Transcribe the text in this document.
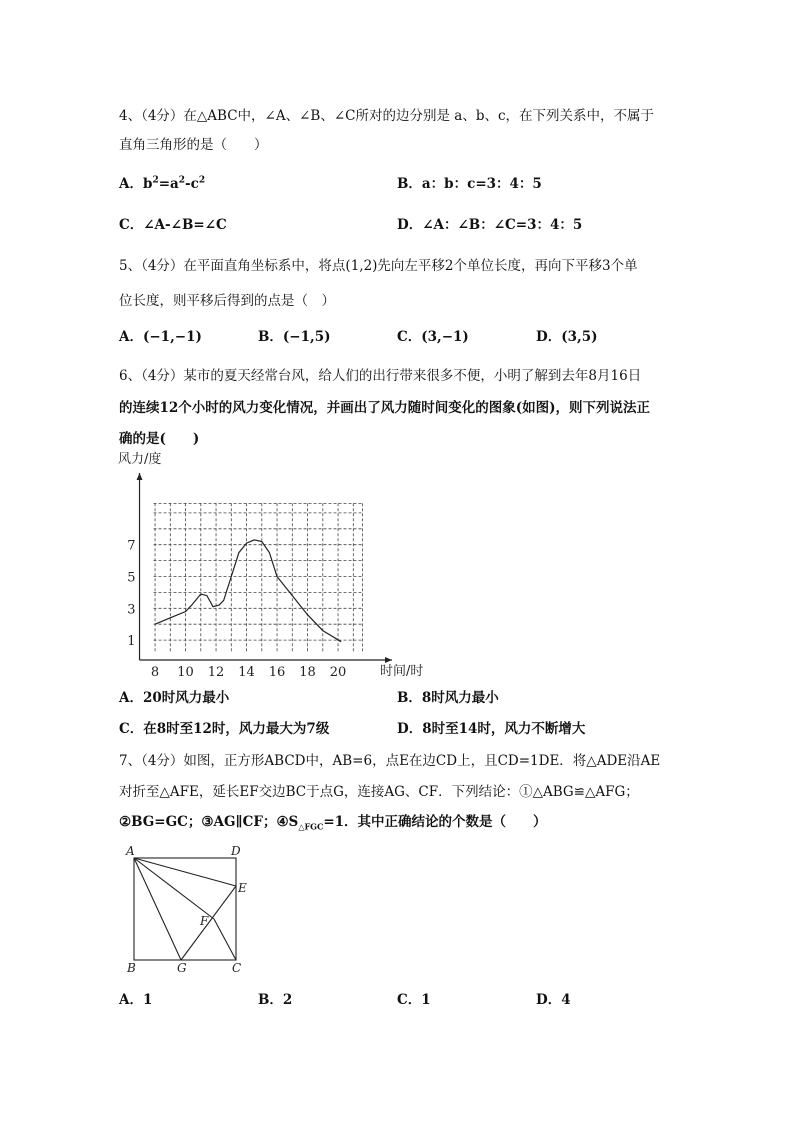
4、（4分）在△ABC中，∠A、∠B、∠C所对的边分别是 a、b、c，在下列关系中，不属于
直角三角形的是（　　）
A．$b^2=a^2-c^2$	B．a：b：c=3：4：5
C．∠A-∠B=∠C	D．∠A：∠B：∠C=3：4：5
5、（4分）在平面直角坐标系中，将点(1,2)先向左平移2个单位长度，再向下平移3个单
位长度，则平移后得到的点是（　）
A．(−1,−1)	B．(−1,5)	C．(3,−1)	D．(3,5)
6、（4分）某市的夏天经常台风，给人们的出行带来很多不便，小明了解到去年8月16日
的连续12个小时的风力变化情况，并画出了风力随时间变化的图象(如图)，则下列说法正
确的是(　　)
8 10 12 14 16 18 20
1
3
5
7
风力/度
时间/时
A．20时风力最小	B．8时风力最小
C．在8时至12时，风力最大为7级	D．8时至14时，风力不断增大
7、（4分）如图，正方形ABCD中，AB=6，点E在边CD上，且CD=1DE．将△ADE沿AE
对折至△AFE，延长EF交边BC于点G，连接AG、CF．下列结论：①△ABG≌△AFG；
②BG=GC；③AG∥CF；$④S_{\triangle FGC}=1$．其中正确结论的个数是（　　）
A	D
E
F
B	G	C
A．1	B．2	C．1	D．4
